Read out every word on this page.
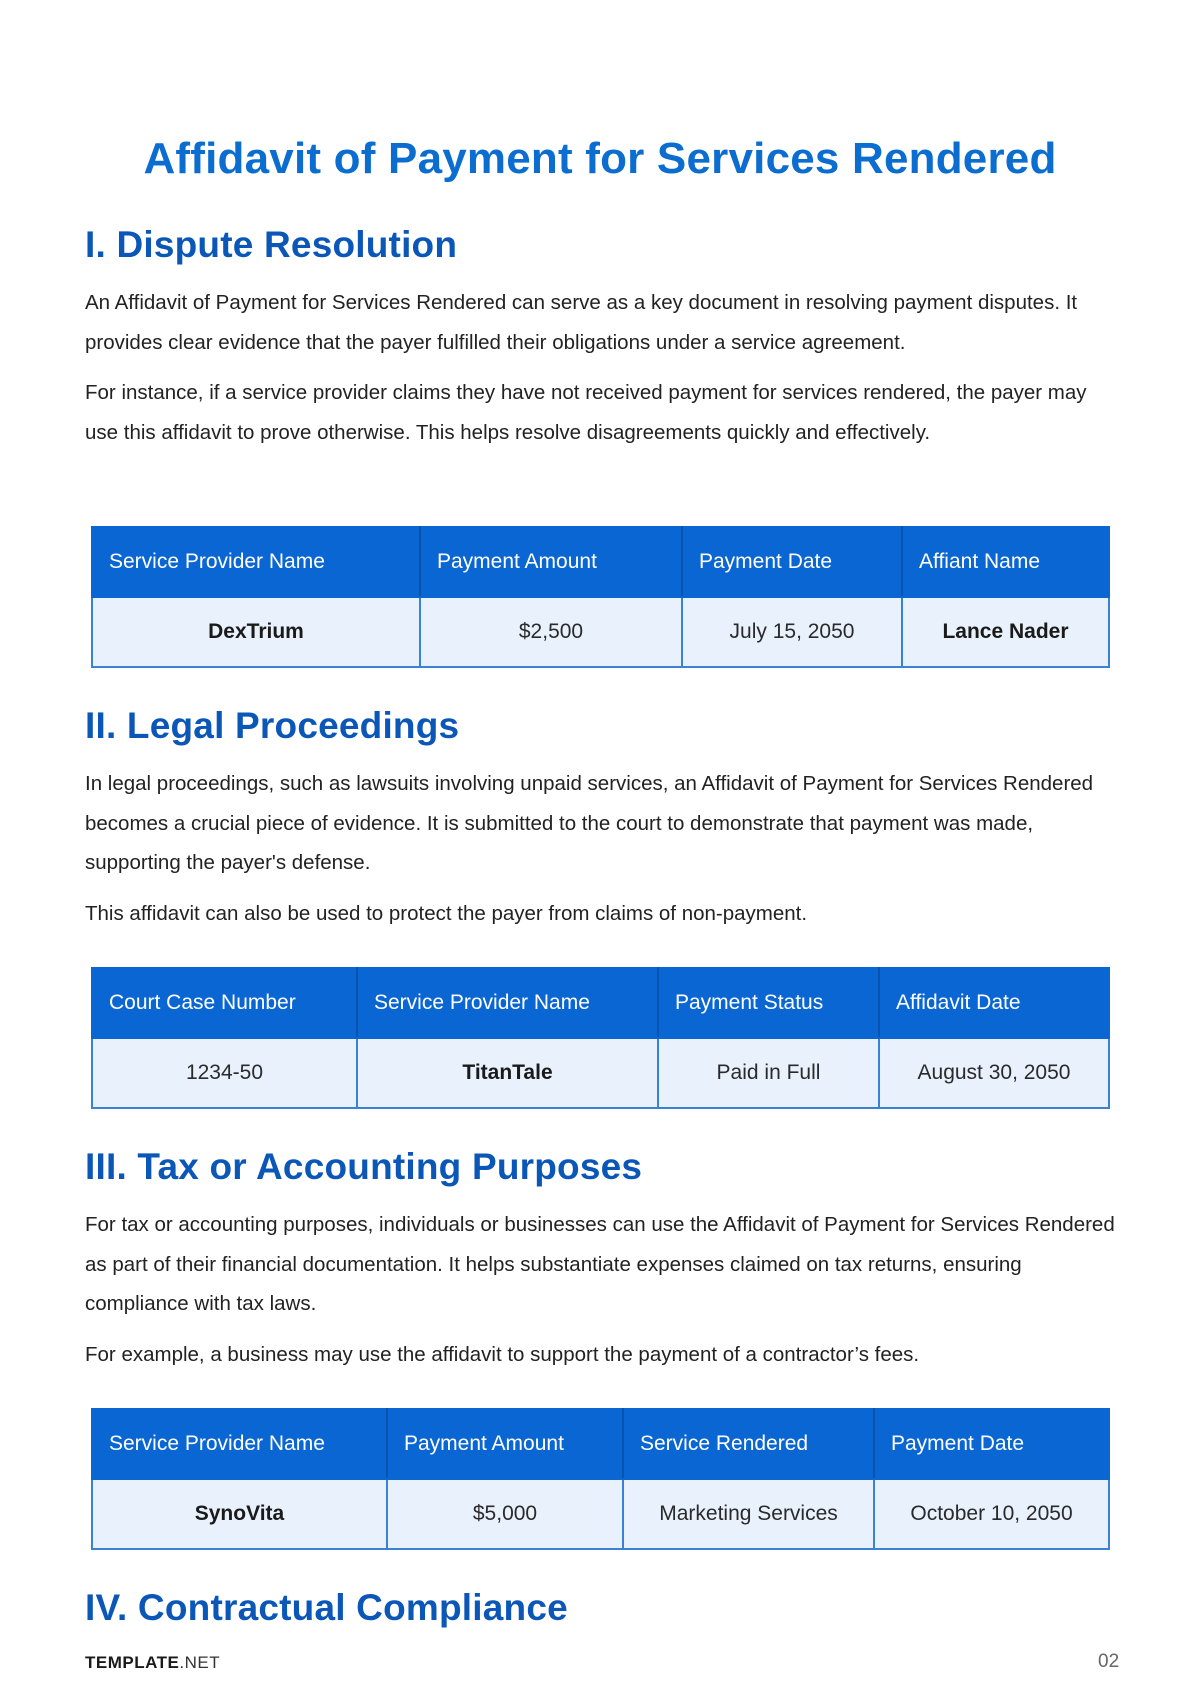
Affidavit of Payment for Services Rendered
I. Dispute Resolution

An Affidavit of Payment for Services Rendered can serve as a key document in resolving payment disputes. It provides clear evidence that the payer fulfilled their obligations under a service agreement.

For instance, if a service provider claims they have not received payment for services rendered, the payer may use this affidavit to prove otherwise. This helps resolve disagreements quickly and effectively.

Service Provider Name	Payment Amount	Payment Date	Affiant Name
DexTrium	$2,500	July 15, 2050	Lance Nader
II. Legal Proceedings

In legal proceedings, such as lawsuits involving unpaid services, an Affidavit of Payment for Services Rendered becomes a crucial piece of evidence. It is submitted to the court to demonstrate that payment was made, supporting the payer's defense.

This affidavit can also be used to protect the payer from claims of non-payment.

Court Case Number	Service Provider Name	Payment Status	Affidavit Date
1234-50	TitanTale	Paid in Full	August 30, 2050
III. Tax or Accounting Purposes

For tax or accounting purposes, individuals or businesses can use the Affidavit of Payment for Services Rendered as part of their financial documentation. It helps substantiate expenses claimed on tax returns, ensuring compliance with tax laws.

For example, a business may use the affidavit to support the payment of a contractor’s fees.

Service Provider Name	Payment Amount	Service Rendered	Payment Date
SynoVita	$5,000	Marketing Services	October 10, 2050
IV. Contractual Compliance
TEMPLATE.NET	02
